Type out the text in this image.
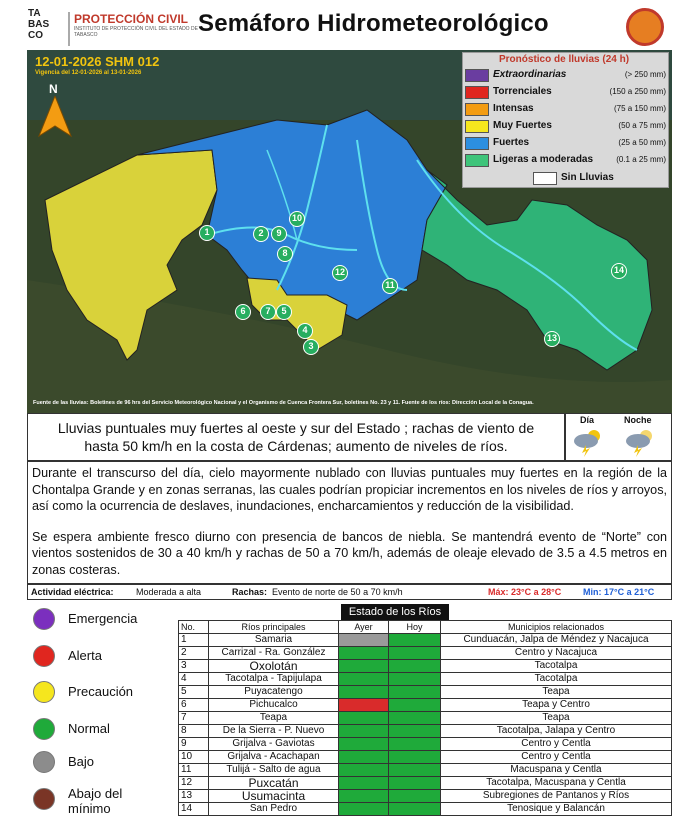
TA
BAS
CO
PROTECCIÓN CIVIL
INSTITUTO DE PROTECCIÓN CIVIL DEL ESTADO DE TABASCO	Semáforo Hidrometeorológico
12-01-2026 SHM 012
Vigencia del 12-01-2026 al 13-01-2026
N
Pronóstico de lluvias (24 h)
Extraordinarias	(> 250 mm)
Torrenciales	(150 a 250 mm)
Intensas	(75 a 150 mm)
Muy Fuertes	(50 a 75 mm)
Fuertes	(25 a 50 mm)
Ligeras a moderadas	(0.1 a 25 mm)
Sin Lluvias
1	2	9
10
8
12
11
6	7	5
4
3
13
14
Fuente de las lluvias: Boletines de 96 hrs del Servicio Meteorológico Nacional y el Organismo de Cuenca Frontera Sur, boletines No. 23 y 11. Fuente de los ríos: Dirección Local de la Conagua.
Lluvias puntuales muy fuertes al oeste y sur del Estado ; rachas de viento de
hasta 50 km/h en la costa de Cárdenas; aumento de niveles de ríos.
Día	Noche

Durante el transcurso del día, cielo mayormente nublado con lluvias puntuales muy fuertes en la región de la Chontalpa Grande y en zonas serranas, las cuales podrían propiciar incrementos en los niveles de ríos y arroyos, así como la ocurrencia de deslaves, inundaciones, encharcamientos y reducción de la visibilidad.

Se espera ambiente fresco diurno con presencia de bancos de niebla. Se mantendrá evento de “Norte” con vientos sostenidos de 30 a 40 km/h y rachas de 50 a 70 km/h, además de oleaje elevado de 3.5 a 4.5 metros en zonas costeras.

Actividad eléctrica: Moderada a alta	Rachas: Evento de norte de 50 a 70 km/h	Máx: 23°C a 28°C Min: 17°C a 21°C
Emergencia
Alerta
Precaución
Normal
Bajo
Abajo del mínimo
Estado de los Ríos
No.	Ríos principales	Ayer	Hoy	Municipios relacionados
1	Samaria			Cunduacán, Jalpa de Méndez y Nacajuca
2	Carrizal - Ra. González			Centro y Nacajuca
3	Oxolotán			Tacotalpa
4	Tacotalpa - Tapijulapa			Tacotalpa
5	Puyacatengo			Teapa
6	Pichucalco			Teapa y Centro
7	Teapa			Teapa
8	De la Sierra - P. Nuevo			Tacotalpa, Jalapa y Centro
9	Grijalva - Gaviotas			Centro y Centla
10	Grijalva - Acachapan			Centro y Centla
11	Tulijá - Salto de agua			Macuspana y Centla
12	Puxcatán			Tacotalpa, Macuspana y Centla
13	Usumacinta			Subregiones de Pantanos y Ríos
14	San Pedro			Tenosique y Balancán
